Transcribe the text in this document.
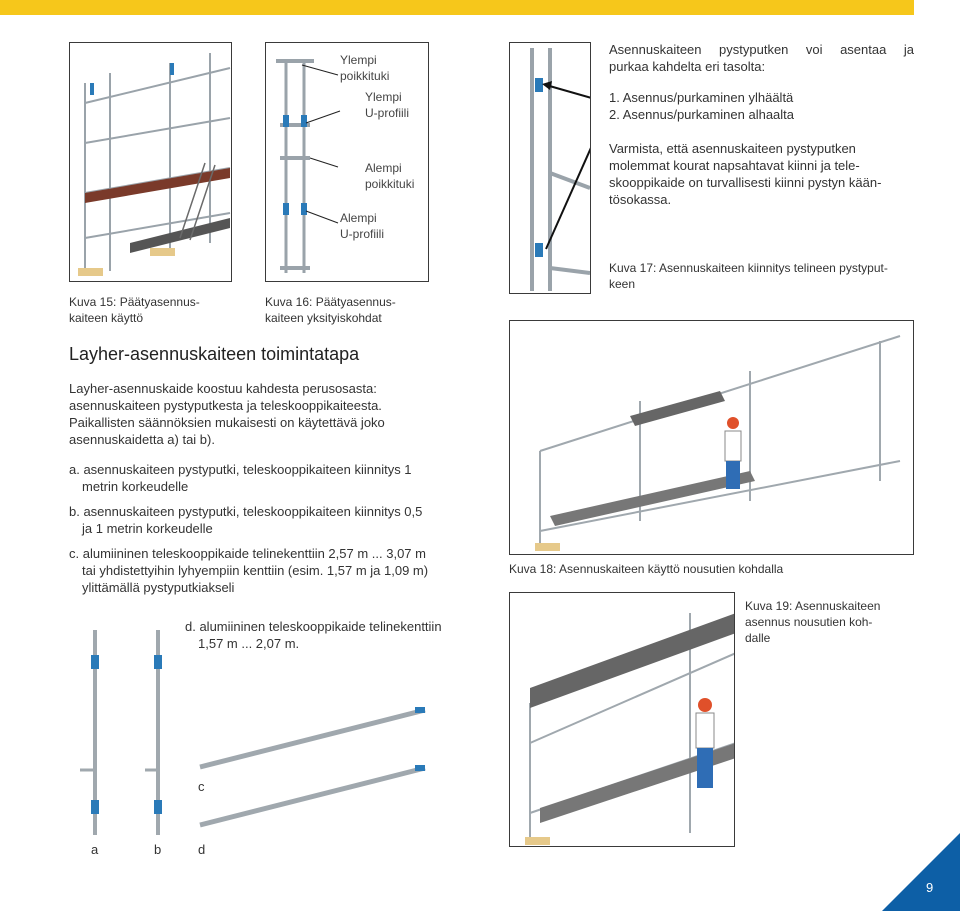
Kuva 15: Päätyasennus-
kaiteen käyttö
Ylempi
poikkituki
Ylempi
U-profiili
Alempi
poikkituki
Alempi
U-profiili
Kuva 16: Päätyasennus-
kaiteen yksityiskohdat
Asennuskaiteen pystyputken voi asentaa ja
purkaa kahdelta eri tasolta:
1. Asennus/purkaminen ylhäältä
2. Asennus/purkaminen alhaalta
Varmista, että asennuskaiteen pystyputken
molemmat kourat napsahtavat kiinni ja tele-
skooppikaide on turvallisesti kiinni pystyn kään-
tösokassa.
Kuva 17: Asennuskaiteen kiinnitys telineen pystyput-
keen
Layher-asennuskaiteen toimintatapa
Layher-asennuskaide koostuu kahdesta perusosasta:
asennuskaiteen pystyputkesta ja teleskooppikaiteesta.
Paikallisten säännöksien mukaisesti on käytettävä joko
asennuskaidetta a) tai b).
a. asennuskaiteen pystyputki, teleskooppikaiteen kiinnitys 1
metrin korkeudelle
b. asennuskaiteen pystyputki, teleskooppikaiteen kiinnitys 0,5
ja 1 metrin korkeudelle
c. alumiininen teleskooppikaide telinekenttiin 2,57 m ... 3,07 m
tai yhdistettyihin lyhyempiin kenttiin (esim. 1,57 m ja 1,09 m)
ylittämällä pystyputkiakseli
d. alumiininen teleskooppikaide telinekenttiin
1,57 m ... 2,07 m.
c
a	b	d
Kuva 18: Asennuskaiteen käyttö nousutien kohdalla
Kuva 19: Asennuskaiteen
asennus nousutien koh-
dalle
9
